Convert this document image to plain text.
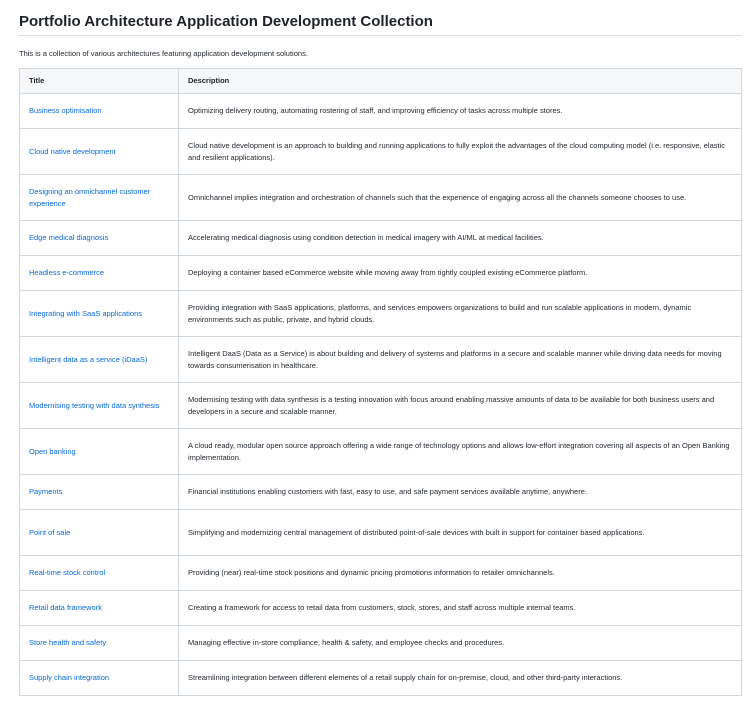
Portfolio Architecture Application Development Collection

This is a collection of various architectures featuring application development solutions.

Title	Description
Business optimisation	Optimizing delivery routing, automating rostering of staff, and improving efficiency of tasks across multiple stores.
Cloud native development	Cloud native development is an approach to building and running applications to fully exploit the advantages of the cloud computing model (i.e. responsive, elastic and resilient applications).
Designing an omnichannel customer experience	Omnichannel implies integration and orchestration of channels such that the experience of engaging across all the channels someone chooses to use.
Edge medical diagnosis	Accelerating medical diagnosis using condition detection in medical imagery with AI/ML at medical facilities.
Headless e-commerce	Deploying a container based eCommerce website while moving away from tightly coupled existing eCommerce platform.
Integrating with SaaS applications	Providing integration with SaaS applications, platforms, and services empowers organizations to build and run scalable applications in modern, dynamic environments such as public, private, and hybrid clouds.
Intelligent data as a service (iDaaS)	Intelligent DaaS (Data as a Service) is about building and delivery of systems and platforms in a secure and scalable manner while driving data needs for moving towards consumerisation in healthcare.
Modernising testing with data synthesis	Modernising testing with data synthesis is a testing innovation with focus around enabling massive amounts of data to be available for both business users and developers in a secure and scalable manner.
Open banking	A cloud ready, modular open source approach offering a wide range of technology options and allows low-effort integration covering all aspects of an Open Banking implementation.
Payments	Financial institutions enabling customers with fast, easy to use, and safe payment services available anytime, anywhere.
Point of sale	Simplifying and modernizing central management of distributed point-of-sale devices with built in support for container based applications.
Real-time stock control	Providing (near) real-time stock positions and dynamic pricing promotions information to retailer omnichannels.
Retail data framework	Creating a framework for access to retail data from customers, stock, stores, and staff across multiple internal teams.
Store health and safety	Managing effective in-store compliance, health & safety, and employee checks and procedures.
Supply chain integration	Streamlining integration between different elements of a retail supply chain for on-premise, cloud, and other third-party interactions.
